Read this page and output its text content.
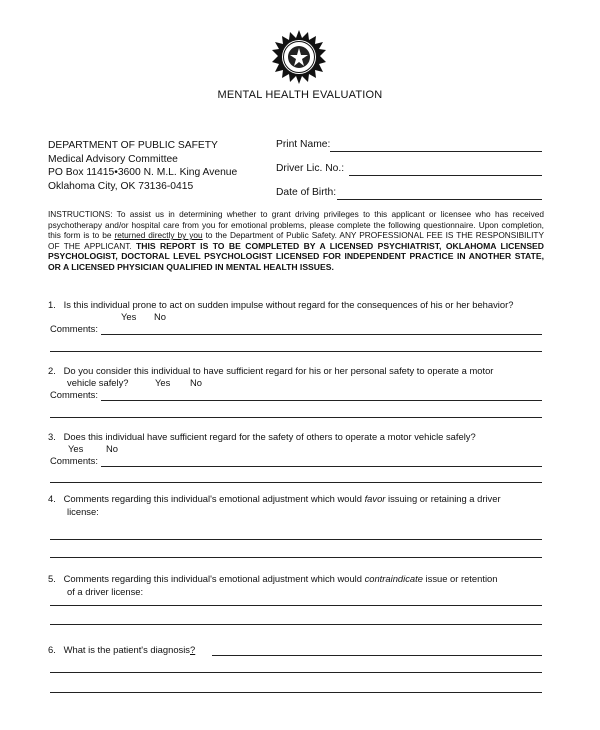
MENTAL HEALTH EVALUATION
DEPARTMENT OF PUBLIC SAFETY
Medical Advisory Committee
PO Box 11415•3600 N. M.L. King Avenue
Oklahoma City, OK 73136-0415
Print Name:
Driver Lic. No.:
Date of Birth:
INSTRUCTIONS: To assist us in determining whether to grant driving privileges to this applicant or licensee who has received psychotherapy and/or hospital care from you for emotional problems, please complete the following questionnaire. Upon completion, this form is to be returned directly by you to the Department of Public Safety. ANY PROFESSIONAL FEE IS THE RESPONSIBILITY OF THE APPLICANT. THIS REPORT IS TO BE COMPLETED BY A LICENSED PSYCHIATRIST, OKLAHOMA LICENSED PSYCHOLOGIST, DOCTORAL LEVEL PSYCHOLOGIST LICENSED FOR INDEPENDENT PRACTICE IN ANOTHER STATE, OR A LICENSED PHYSICIAN QUALIFIED IN MENTAL HEALTH ISSUES.
1. Is this individual prone to act on sudden impulse without regard for the consequences of his or her behavior?
Yes No
Comments:
2. Do you consider this individual to have sufficient regard for his or her personal safety to operate a motor
vehicle safely?	Yes No
Comments:
3. Does this individual have sufficient regard for the safety of others to operate a motor vehicle safely?
Yes No
Comments:
4. Comments regarding this individual's emotional adjustment which would favor issuing or retaining a driver
license:
5. Comments regarding this individual's emotional adjustment which would contraindicate issue or retention
of a driver license:
6. What is the patient's diagnosis?
